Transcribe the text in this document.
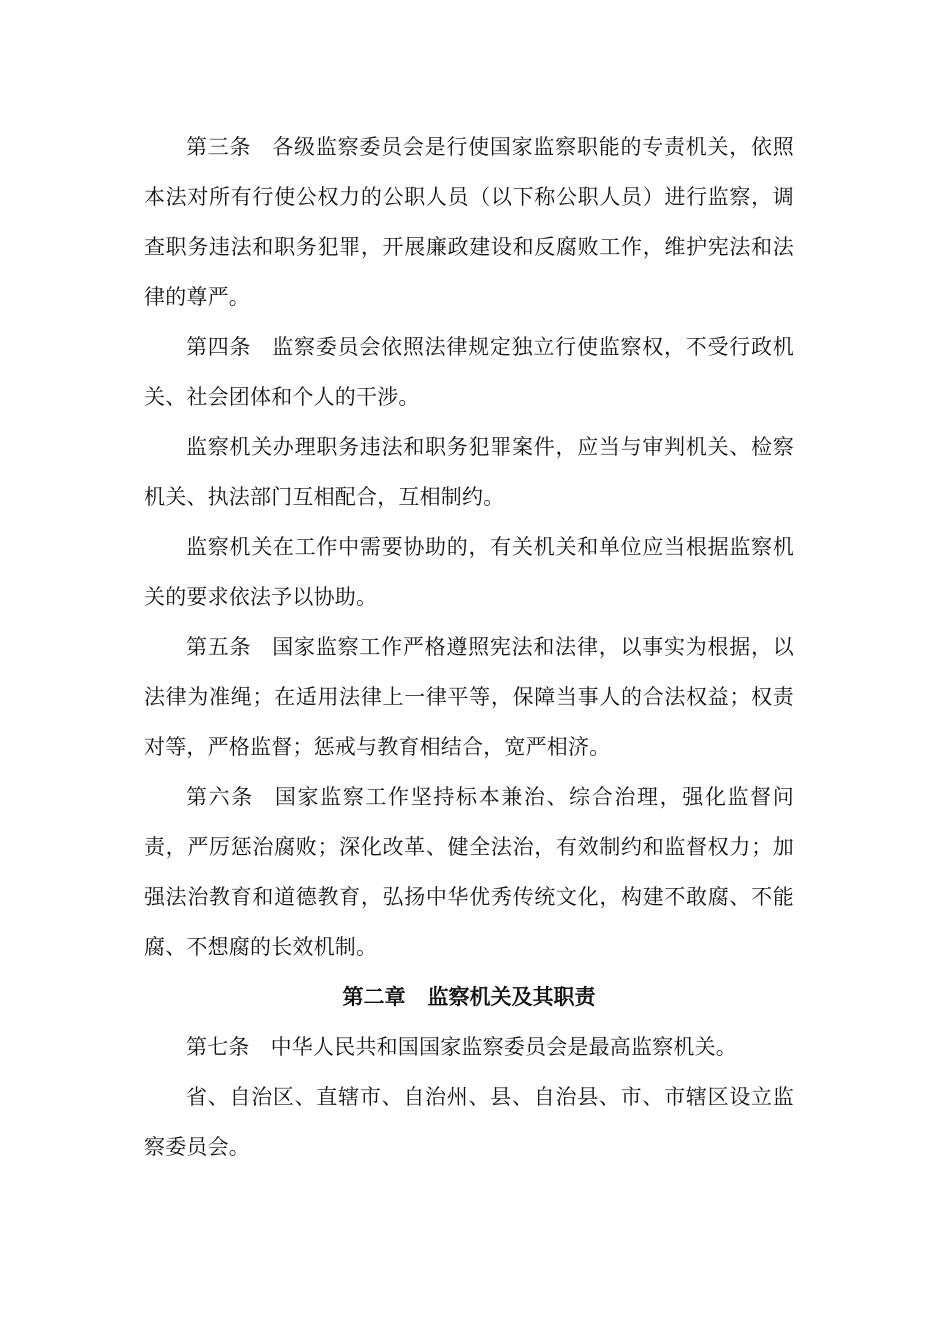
第三条 各级监察委员会是行使国家监察职能的专责机关，依照本法对所有行使公权力的公职人员（以下称公职人员）进行监察，调查职务违法和职务犯罪，开展廉政建设和反腐败工作，维护宪法和法律的尊严。

第四条 监察委员会依照法律规定独立行使监察权，不受行政机关、社会团体和个人的干涉。

监察机关办理职务违法和职务犯罪案件，应当与审判机关、检察机关、执法部门互相配合，互相制约。

监察机关在工作中需要协助的，有关机关和单位应当根据监察机关的要求依法予以协助。

第五条 国家监察工作严格遵照宪法和法律，以事实为根据，以法律为准绳；在适用法律上一律平等，保障当事人的合法权益；权责对等，严格监督；惩戒与教育相结合，宽严相济。

第六条 国家监察工作坚持标本兼治、综合治理，强化监督问责，严厉惩治腐败；深化改革、健全法治，有效制约和监督权力；加强法治教育和道德教育，弘扬中华优秀传统文化，构建不敢腐、不能腐、不想腐的长效机制。

第二章 监察机关及其职责

第七条 中华人民共和国国家监察委员会是最高监察机关。

省、自治区、直辖市、自治州、县、自治县、市、市辖区设立监察委员会。
